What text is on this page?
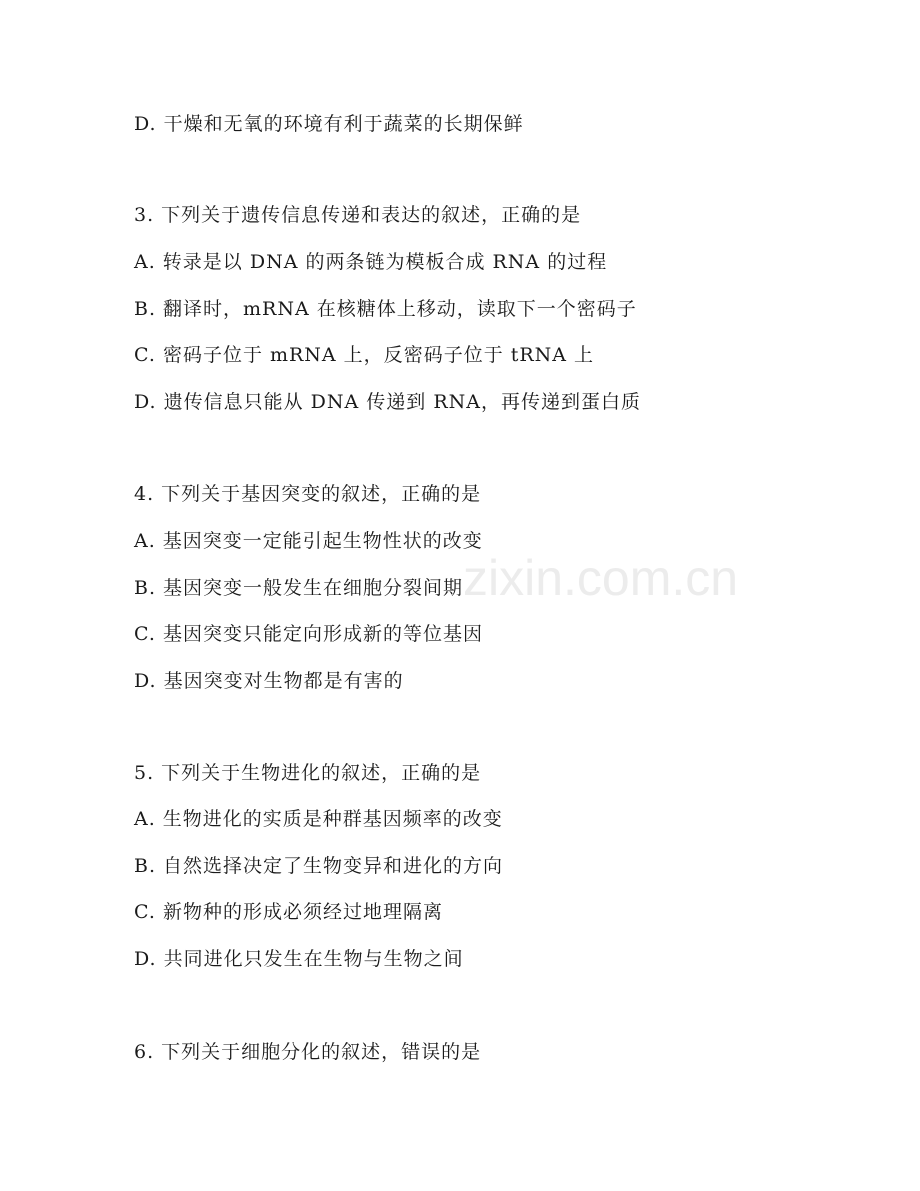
zixin.com.cn
D. 干燥和无氧的环境有利于蔬菜的长期保鲜
3. 下列关于遗传信息传递和表达的叙述，正确的是
A. 转录是以 DNA 的两条链为模板合成 RNA 的过程
B. 翻译时，mRNA 在核糖体上移动，读取下一个密码子
C. 密码子位于 mRNA 上，反密码子位于 tRNA 上
D. 遗传信息只能从 DNA 传递到 RNA，再传递到蛋白质
4. 下列关于基因突变的叙述，正确的是
A. 基因突变一定能引起生物性状的改变
B. 基因突变一般发生在细胞分裂间期
C. 基因突变只能定向形成新的等位基因
D. 基因突变对生物都是有害的
5. 下列关于生物进化的叙述，正确的是
A. 生物进化的实质是种群基因频率的改变
B. 自然选择决定了生物变异和进化的方向
C. 新物种的形成必须经过地理隔离
D. 共同进化只发生在生物与生物之间
6. 下列关于细胞分化的叙述，错误的是
